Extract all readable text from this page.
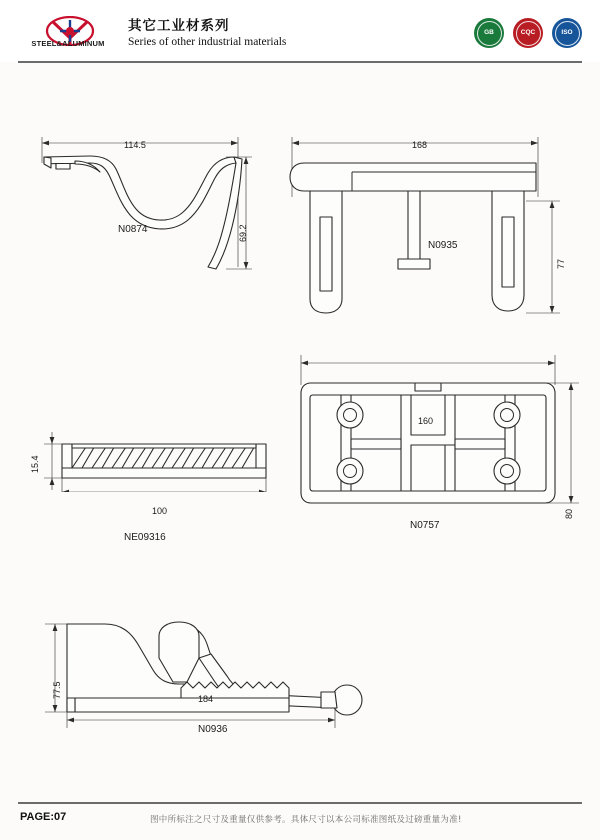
STEEL&ALUMINUM
其它工业材系列
Series of other industrial materials
GB	CQC	ISO
114.5
69.2
N0874
168
77
N0935
15.4
100
NE09316
160
80
N0757
77.5	184
N0936
PAGE:07	图中所标注之尺寸及重量仅供参考。具体尺寸以本公司标准图纸及过磅重量为准!
